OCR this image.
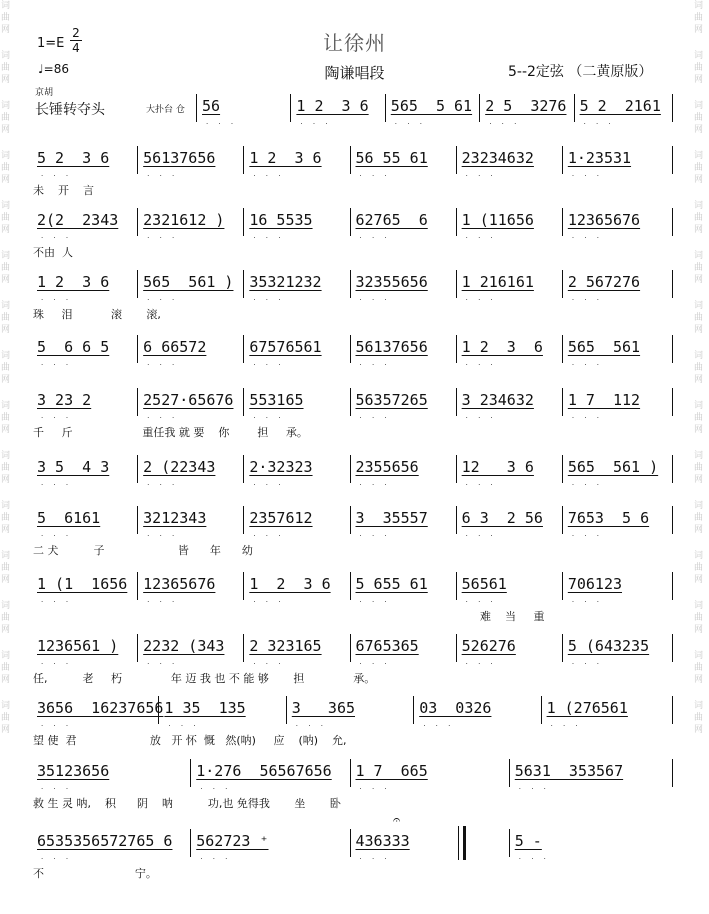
词曲网
词曲网
词曲网
词曲网
词曲网
词曲网
词曲网
词曲网
词曲网
词曲网
词曲网
词曲网
词曲网
词曲网
词曲网
词曲网
词曲网
词曲网
词曲网
词曲网
词曲网
词曲网
词曲网
词曲网
词曲网
词曲网
词曲网
词曲网
词曲网
词曲网
让徐州
陶谦唱段
1=E
2
4
♩=86	5--2定弦 （二黄原版）
京胡
长锤转夺头	大扑台 仓 56
· · ·
1 2  3 6
· · ·
565  5 61
· · ·
2 5  3276
· · ·
5 2  2161
· · ·
5 2  3 6
· · ·
56137656
· · ·
1 2  3 6
· · ·
56 55 61
· · ·
23234632
· · ·
1·23531
· · ·
未    开    言
2(2  2343
· · ·
2321612 )
· · ·
16 5535
· · ·
62765  6
· · ·
1 (11656
· · ·
12365676
· · ·
不由  人
1 2  3 6
· · ·
565  561 )
· · ·
35321232
· · ·
32355656
· · ·
1 216161
· · ·
2 567276
· · ·
珠     泪           滚       滚,
5  6 6 5
· · ·
6 66572
· · ·
67576561
· · ·
56137656
· · ·
1 2  3  6
· · ·
565  561
· · ·
3 23 2
· · ·
2527·65676
· · ·
553165
· · ·
56357265
· · ·
3 234632
· · ·
1 7  112
· · ·
千     斤                    重任我 就 要    你        担     承。
3 5  4 3
· · ·
2 (22343
· · ·
2·32323
· · ·
2355656
· · ·
12   3 6
· · ·
565  561 )
· · ·
5  6161
· · ·
3212343
· · ·
2357612
· · ·
3  35557
· · ·
6 3  2 56
· · ·
7653  5 6
· · ·
二 犬          子                     皆      年      幼
1 (1  1656
· · ·
12365676
· · ·
1  2  3 6
· · ·
5 655 61
· · ·
56561
· · ·
706123
· · ·
难    当     重
1236561 )
· · ·
2232 (343
· · ·
2 323165
· · ·
6765365
· · ·
526276
· · ·
5 (643235
· · ·
任,          老     朽              年 迈 我 也 不 能 够       担              承。
3656  16237656
· · ·
1 35  135
· · ·
3   365
· · ·
03  0326
· · ·
1 (276561
· · ·
望 使  君                     放   开 怀  慨   然(呐)     应    (呐)    允,
35123656
· · ·
1·276  56567656
· · ·
1 7  665
· · ·
5631  353567
· · ·
救 生 灵 呐,    积      阴    呐          功,也 免得我       坐       卧
6535356572765 6
· · ·
562723 ⁺
· · ·
436333
· · ·
5 -
· · ·
𝄐
不                          宁。
